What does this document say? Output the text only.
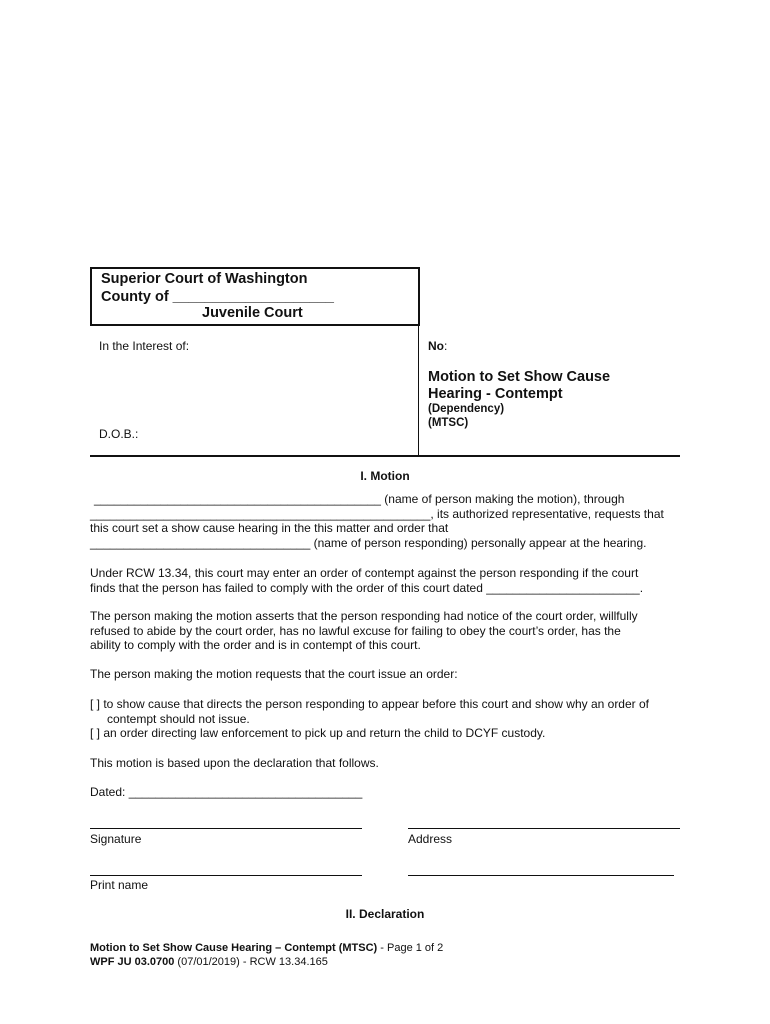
Superior Court of Washington
County of ____________________
Juvenile Court
In the Interest of:
D.O.B.:
No:
Motion to Set Show Cause
Hearing - Contempt
(Dependency)
(MTSC)
I. Motion
___________________________________________ (name of person making the motion), through
___________________________________________________, its authorized representative, requests that
this court set a show cause hearing in the this matter and order that
_________________________________ (name of person responding) personally appear at the hearing.
Under RCW 13.34, this court may enter an order of contempt against the person responding if the court
finds that the person has failed to comply with the order of this court dated _______________________.
The person making the motion asserts that the person responding had notice of the court order, willfully
refused to abide by the court order, has no lawful excuse for failing to obey the court’s order, has the
ability to comply with the order and is in contempt of this court.
The person making the motion requests that the court issue an order:
[ ] to show cause that directs the person responding to appear before this court and show why an order of
contempt should not issue.
[ ] an order directing law enforcement to pick up and return the child to DCYF custody.
This motion is based upon the declaration that follows.
Dated: ___________________________________
Signature	Address
Print name
II. Declaration
Motion to Set Show Cause Hearing – Contempt (MTSC) - Page 1 of 2
WPF JU 03.0700 (07/01/2019) - RCW 13.34.165
